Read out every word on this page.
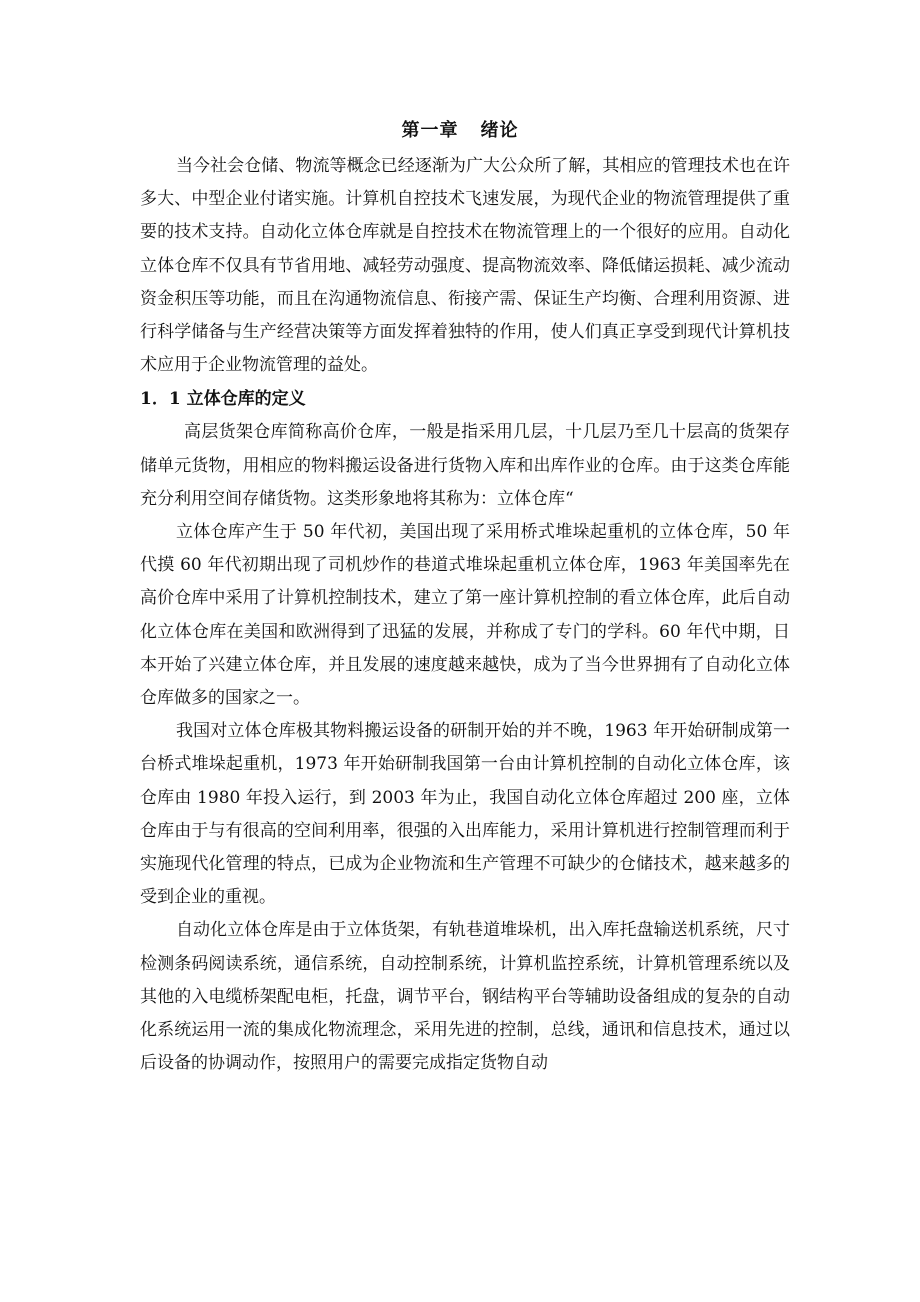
第一章 绪论

当今社会仓储、物流等概念已经逐渐为广大公众所了解，其相应的管理技术也在许多大、中型企业付诸实施。计算机自控技术飞速发展，为现代企业的物流管理提供了重要的技术支持。自动化立体仓库就是自控技术在物流管理上的一个很好的应用。自动化立体仓库不仅具有节省用地、减轻劳动强度、提高物流效率、降低储运损耗、减少流动资金积压等功能，而且在沟通物流信息、衔接产需、保证生产均衡、合理利用资源、进行科学储备与生产经营决策等方面发挥着独特的作用，使人们真正享受到现代计算机技术应用于企业物流管理的益处。

1．1 立体仓库的定义

高层货架仓库简称高价仓库，一般是指采用几层，十几层乃至几十层高的货架存储单元货物，用相应的物料搬运设备进行货物入库和出库作业的仓库。由于这类仓库能充分利用空间存储货物。这类形象地将其称为：立体仓库“

立体仓库产生于 50 年代初，美国出现了采用桥式堆垛起重机的立体仓库，50 年代摸 60 年代初期出现了司机炒作的巷道式堆垛起重机立体仓库，1963 年美国率先在高价仓库中采用了计算机控制技术，建立了第一座计算机控制的看立体仓库，此后自动化立体仓库在美国和欧洲得到了迅猛的发展，并称成了专门的学科。60 年代中期，日本开始了兴建立体仓库，并且发展的速度越来越快，成为了当今世界拥有了自动化立体仓库做多的国家之一。

我国对立体仓库极其物料搬运设备的研制开始的并不晚，1963 年开始研制成第一台桥式堆垛起重机，1973 年开始研制我国第一台由计算机控制的自动化立体仓库，该仓库由 1980 年投入运行，到 2003 年为止，我国自动化立体仓库超过 200 座，立体仓库由于与有很高的空间利用率，很强的入出库能力，采用计算机进行控制管理而利于实施现代化管理的特点，已成为企业物流和生产管理不可缺少的仓储技术，越来越多的受到企业的重视。

自动化立体仓库是由于立体货架，有轨巷道堆垛机，出入库托盘输送机系统，尺寸检测条码阅读系统，通信系统，自动控制系统，计算机监控系统，计算机管理系统以及其他的入电缆桥架配电柜，托盘，调节平台，钢结构平台等辅助设备组成的复杂的自动化系统运用一流的集成化物流理念，采用先进的控制，总线，通讯和信息技术，通过以后设备的协调动作，按照用户的需要完成指定货物自动
